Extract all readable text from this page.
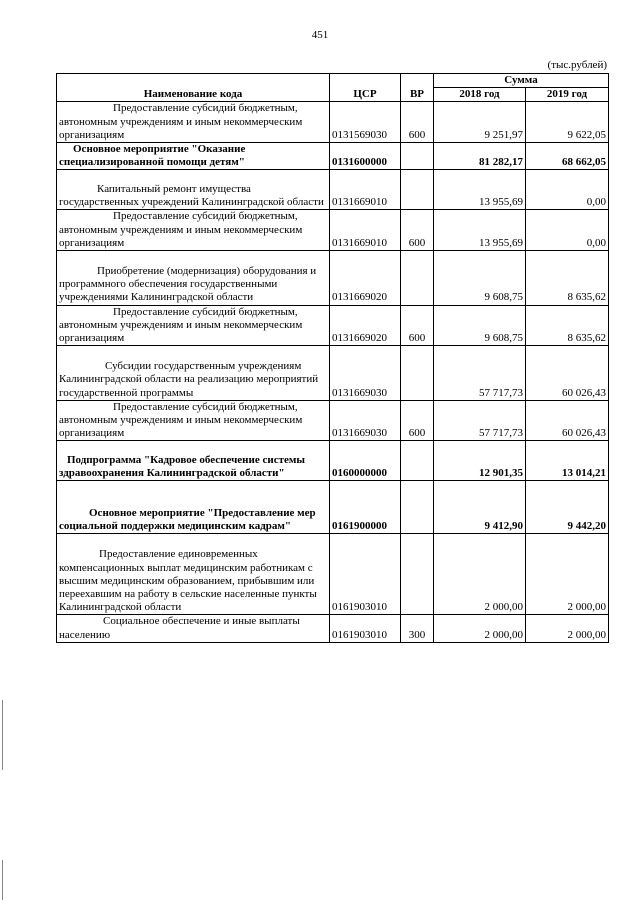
451
(тыс.рублей)
Наименование кода	ЦСР	ВР	Сумма	
			2018 год	2019 год
Предоставление субсидий бюджетным, автономным учреждениям и иным некоммерческим организациям	0131569030	600	9 251,97	9 622,05
Основное мероприятие "Оказание специализированной помощи детям"	0131600000		81 282,17	68 662,05
Капитальный ремонт имущества государственных учреждений Калининградской области	0131669010		13 955,69	0,00
Предоставление субсидий бюджетным, автономным учреждениям и иным некоммерческим организациям	0131669010	600	13 955,69	0,00
Приобретение (модернизация) оборудования и программного обеспечения государственными учреждениями Калининградской области	0131669020		9 608,75	8 635,62
Предоставление субсидий бюджетным, автономным учреждениям и иным некоммерческим организациям	0131669020	600	9 608,75	8 635,62
Субсидии государственным учреждениям Калининградской области на реализацию мероприятий государственной программы	0131669030		57 717,73	60 026,43
Предоставление субсидий бюджетным, автономным учреждениям и иным некоммерческим организациям	0131669030	600	57 717,73	60 026,43
Подпрограмма "Кадровое обеспечение системы здравоохранения Калининградской области"	0160000000		12 901,35	13 014,21
Основное мероприятие "Предоставление мер социальной поддержки медицинским кадрам"	0161900000		9 412,90	9 442,20
Предоставление единовременных компенсационных выплат медицинским работникам с высшим медицинским образованием, прибывшим или переехавшим на работу в сельские населенные пункты Калининградской области	0161903010		2 000,00	2 000,00
Социальное обеспечение и иные выплаты населению	0161903010	300	2 000,00	2 000,00
